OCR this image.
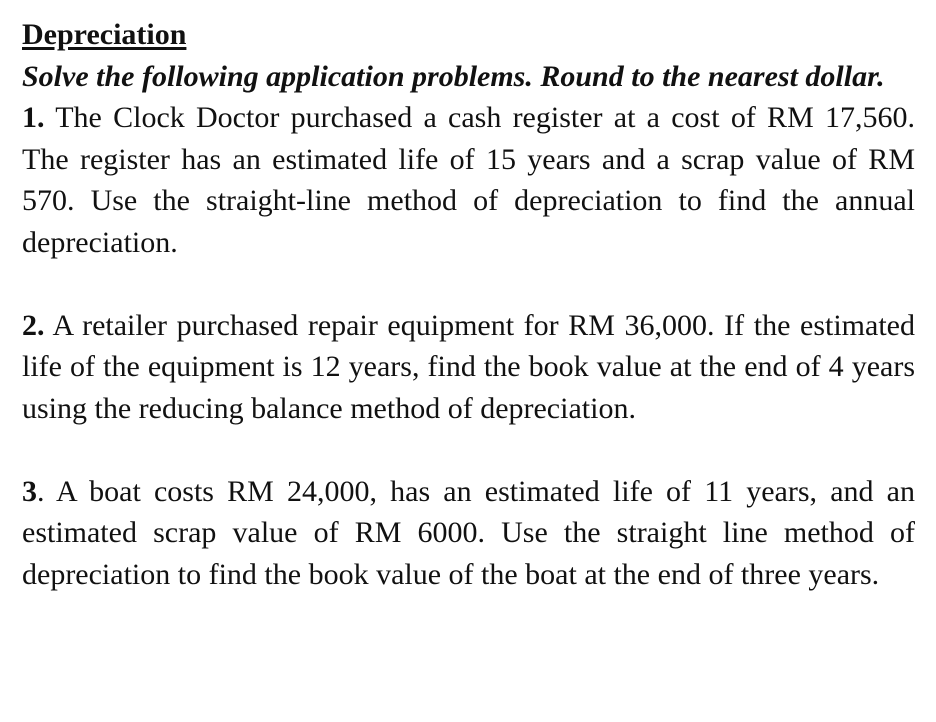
Depreciation

Solve the following application problems. Round to the nearest dollar.

1. The Clock Doctor purchased a cash register at a cost of RM 17,560. The register has an estimated life of 15 years and a scrap value of RM 570. Use the straight-line method of depreciation to find the annual depreciation.

2. A retailer purchased repair equipment for RM 36,000. If the estimated life of the equipment is 12 years, find the book value at the end of 4 years using the reducing balance method of depreciation.

3. A boat costs RM 24,000, has an estimated life of 11 years, and an estimated scrap value of RM 6000. Use the straight line method of depreciation to find the book value of the boat at the end of three years.
